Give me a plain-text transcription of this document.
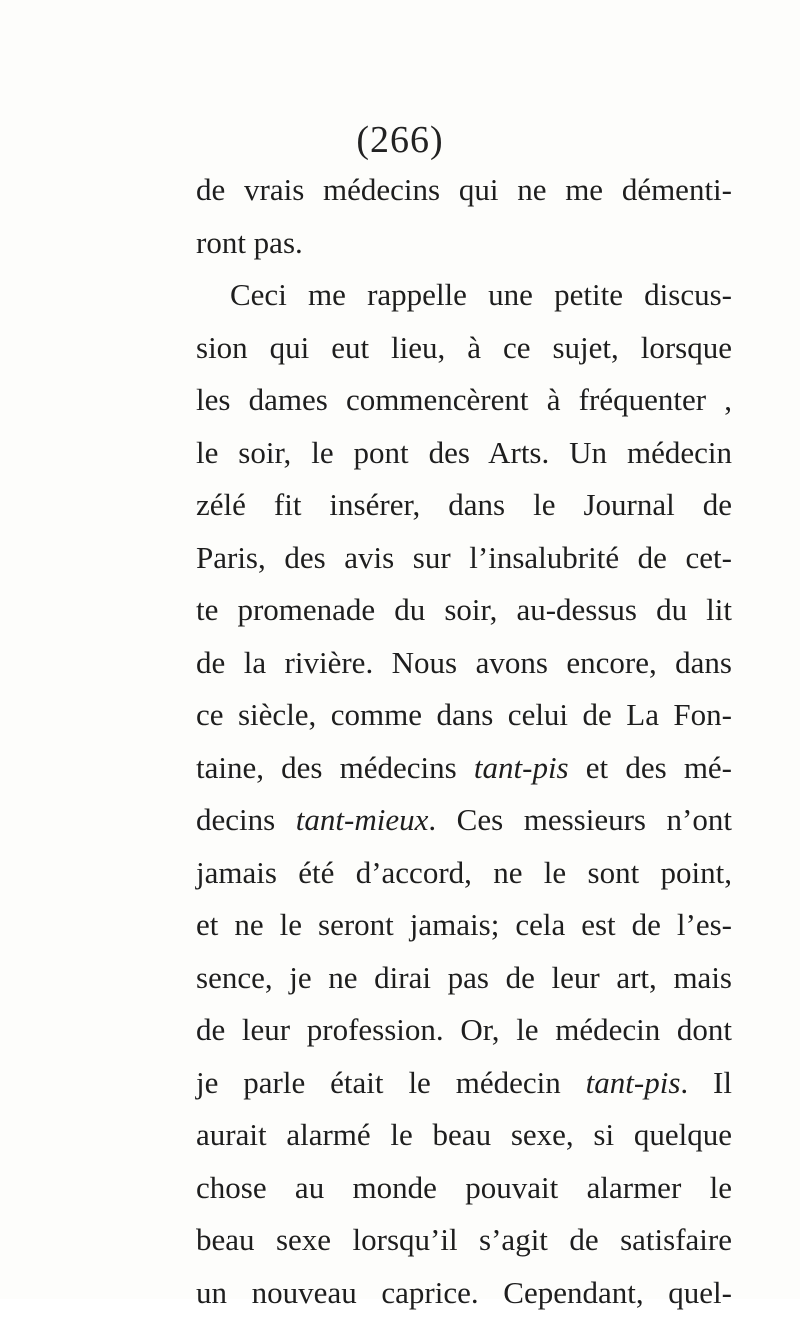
(266)
de vrais médecins qui ne me démenti-
ront pas.
Ceci me rappelle une petite discus-
sion qui eut lieu, à ce sujet, lorsque
les dames commencèrent à fréquenter ,
le soir, le pont des Arts. Un médecin
zélé fit insérer, dans le Journal de
Paris, des avis sur l’insalubrité de cet-
te promenade du soir, au-dessus du lit
de la rivière. Nous avons encore, dans
ce siècle, comme dans celui de La Fon-
taine, des médecins tant-pis et des mé-
decins tant-mieux. Ces messieurs n’ont
jamais été d’accord, ne le sont point,
et ne le seront jamais; cela est de l’es-
sence, je ne dirai pas de leur art, mais
de leur profession. Or, le médecin dont
je parle était le médecin tant-pis. Il
aurait alarmé le beau sexe, si quelque
chose au monde pouvait alarmer le
beau sexe lorsqu’il s’agit de satisfaire
un nouveau caprice. Cependant, quel-
